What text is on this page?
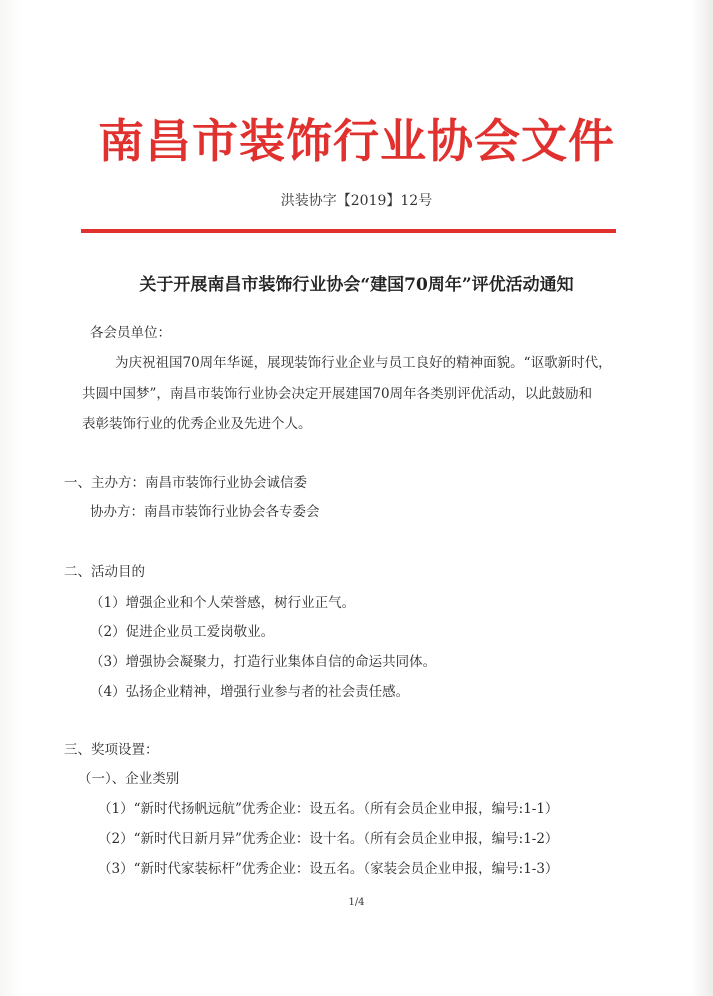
南昌市装饰行业协会文件
洪装协字【2019】12号
关于开展南昌市装饰行业协会“建国70周年”评优活动通知
各会员单位：
为庆祝祖国70周年华诞，展现装饰行业企业与员工良好的精神面貌。“讴歌新时代，
共圆中国梦”，南昌市装饰行业协会决定开展建国70周年各类别评优活动，以此鼓励和
表彰装饰行业的优秀企业及先进个人。
一、主办方：南昌市装饰行业协会诚信委
协办方：南昌市装饰行业协会各专委会
二、活动目的
（1）增强企业和个人荣誉感，树行业正气。
（2）促进企业员工爱岗敬业。
（3）增强协会凝聚力，打造行业集体自信的命运共同体。
（4）弘扬企业精神，增强行业参与者的社会责任感。
三、奖项设置：
（一）、企业类别
（1）“新时代扬帆远航”优秀企业：设五名。（所有会员企业申报，编号:1-1）
（2）“新时代日新月异”优秀企业：设十名。（所有会员企业申报，编号:1-2）
（3）“新时代家装标杆”优秀企业：设五名。（家装会员企业申报，编号:1-3）
1/4
